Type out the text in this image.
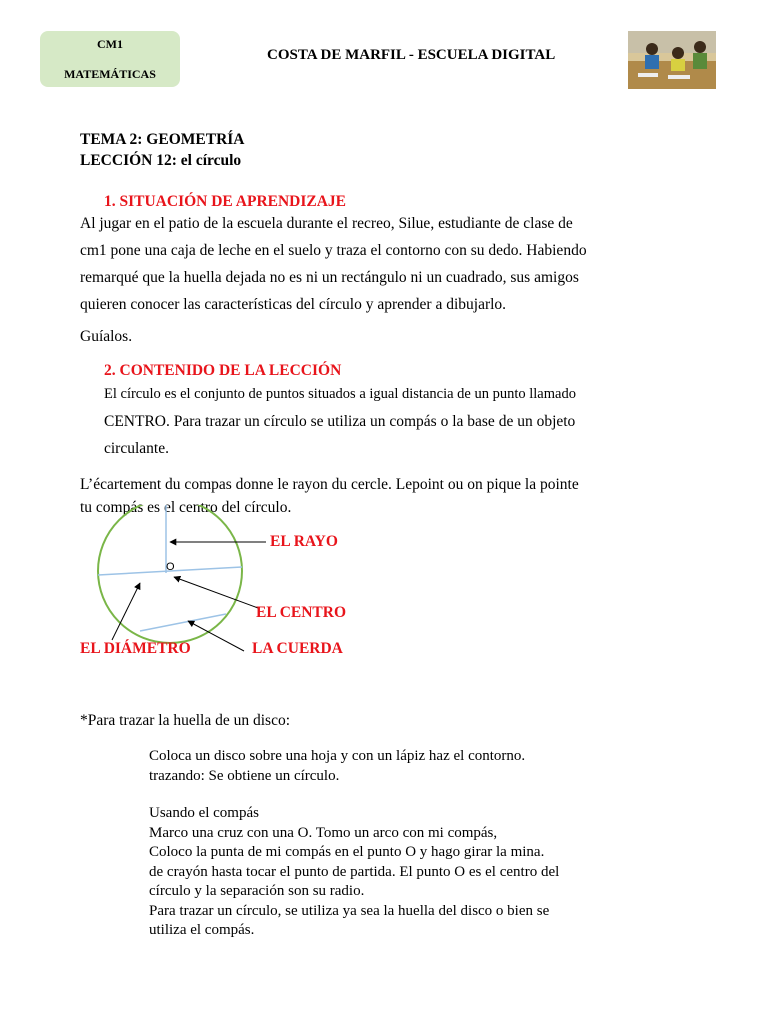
CM1
MATEMÁTICAS
COSTA DE MARFIL - ESCUELA DIGITAL
TEMA 2: GEOMETRÍA
LECCIÓN 12: el círculo
1. SITUACIÓN DE APRENDIZAJE
Al jugar en el patio de la escuela durante el recreo, Silue, estudiante de clase de
cm1 pone una caja de leche en el suelo y traza el contorno con su dedo. Habiendo
remarqué que la huella dejada no es ni un rectángulo ni un cuadrado, sus amigos
quieren conocer las características del círculo y aprender a dibujarlo.
Guíalos.
2. CONTENIDO DE LA LECCIÓN
El círculo es el conjunto de puntos situados a igual distancia de un punto llamado
CENTRO. Para trazar un círculo se utiliza un compás o la base de un objeto
circulante.
L’écartement du compas donne le rayon du cercle. Lepoint ou on pique la pointe
tu compás es el centro del círculo.
O
EL RAYO
EL CENTRO
EL DIÁMETRO	LA CUERDA
*Para trazar la huella de un disco:
Coloca un disco sobre una hoja y con un lápiz haz el contorno.
trazando: Se obtiene un círculo.
Usando el compás
Marco una cruz con una O. Tomo un arco con mi compás,
Coloco la punta de mi compás en el punto O y hago girar la mina.
de crayón hasta tocar el punto de partida. El punto O es el centro del
círculo y la separación son su radio.
Para trazar un círculo, se utiliza ya sea la huella del disco o bien se
utiliza el compás.
